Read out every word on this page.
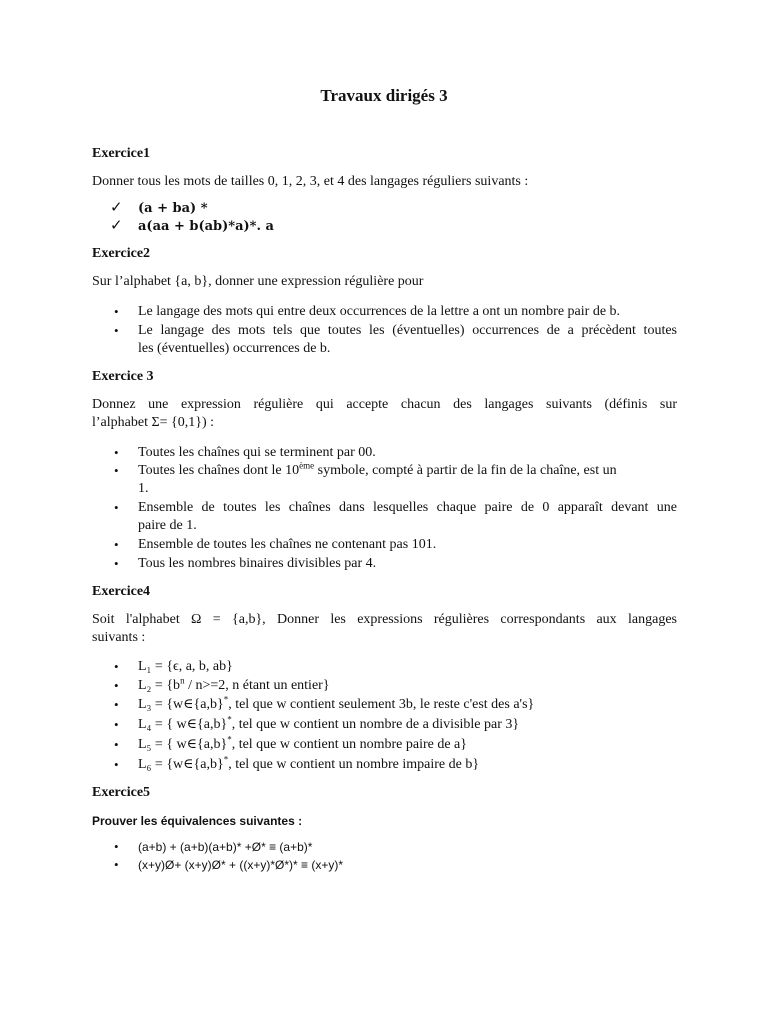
Travaux dirigés 3
Exercice1
Donner tous les mots de tailles 0, 1, 2, 3, et 4 des langages réguliers suivants :
✓ (a + ba) *
✓ a(aa + b(ab)*a)*. a
Exercice2
Sur l’alphabet {a, b}, donner une expression régulière pour
•	Le langage des mots qui entre deux occurrences de la lettre a ont un nombre pair de b.
•	Le langage des mots tels que toutes les (éventuelles) occurrences de a précèdent toutes
les (éventuelles) occurrences de b.
Exercice 3
Donnez une expression régulière qui accepte chacun des langages suivants (définis sur
l’alphabet Σ= {0,1}) :
•	Toutes les chaînes qui se terminent par 00.
•	Toutes les chaînes dont le 10ème symbole, compté à partir de la fin de la chaîne, est un
1.
•	Ensemble de toutes les chaînes dans lesquelles chaque paire de 0 apparaît devant une
paire de 1.
•	Ensemble de toutes les chaînes ne contenant pas 101.
•	Tous les nombres binaires divisibles par 4.
Exercice4
Soit l'alphabet Ω = {a,b}, Donner les expressions régulières correspondants aux langages
suivants :
•	L₁ = {ϵ, a, b, ab}
•	$L_2 = \{b^n / n>=2$, n étant un entier}
•	L₃ = {w∈{a,b}*, tel que w contient seulement 3b, le reste c'est des a's}
•	L₄ = { w∈{a,b}*, tel que w contient un nombre de a divisible par 3}
•	L₅ = { w∈{a,b}*, tel que w contient un nombre paire de a}
•	L₆ = {w∈{a,b}*, tel que w contient un nombre impaire de b}
Exercice5
Prouver les équivalences suivantes :
•	(a+b) + (a+b)(a+b)* +Ø* ≡ (a+b)*
•	(x+y)Ø+ (x+y)Ø* + ((x+y)*Ø*)* ≡ (x+y)*
